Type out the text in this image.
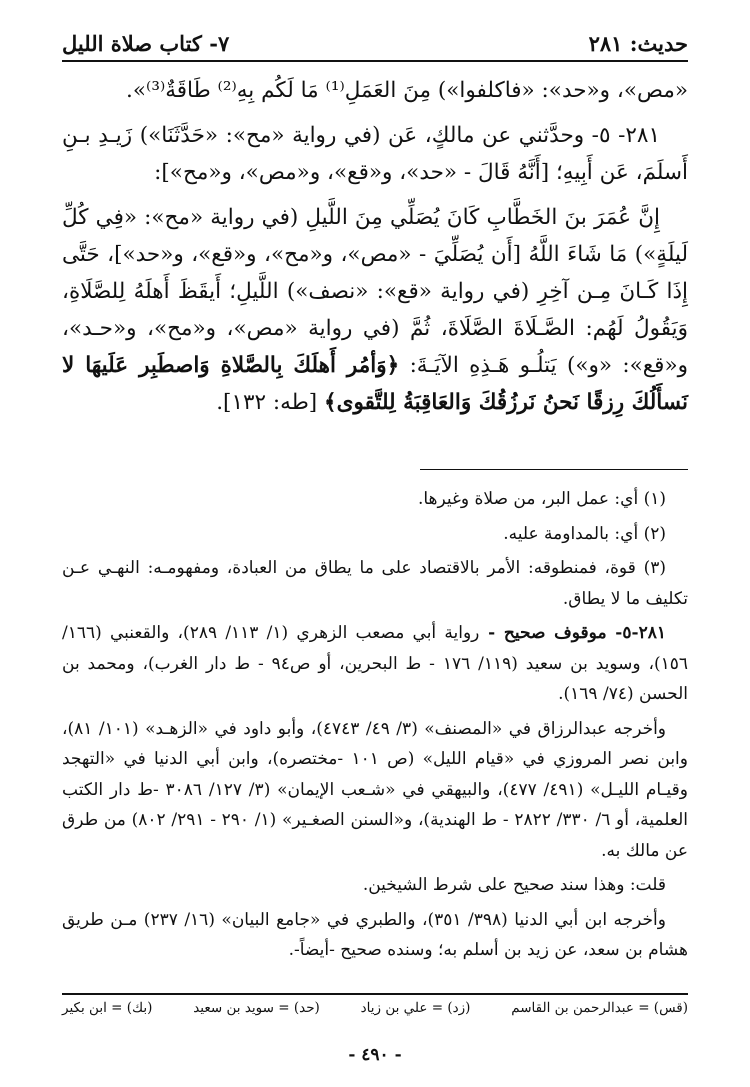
حديث: ٢٨١
٧- كتاب صلاة الليل

«مص»، و«حد»: «فاكلفوا») مِنَ العَمَلِ⁽¹⁾ مَا لَكُم بِهِ⁽²⁾ طَاقَةٌ⁽³⁾».

٢٨١- ٥- وحدَّثني عن مالكٍ، عَن (في رواية «مح»: «حَدَّثَنَا») زَيـدِ بـنِ أَسلَمَ، عَن أَبِيهِ؛ [أَنَّهُ قَالَ - «حد»، و«قع»، و«مص»، و«مح»]:

إِنَّ عُمَرَ بنَ الخَطَّابِ كَانَ يُصَلِّي مِنَ اللَّيلِ (في رواية «مح»: «فِي كُلِّ لَيلَةٍ») مَا شَاءَ اللَّهُ [أَن يُصَلِّيَ - «مص»، و«مح»، و«قع»، و«حد»]، حَتَّى إِذَا كَـانَ مِـن آخِرِ (في رواية «قع»: «نصف») اللَّيلِ؛ أَيقَظَ أَهلَهُ لِلصَّلَاةِ، وَيَقُولُ لَهُم: الصَّـلَاةَ الصَّلَاةَ، ثُمَّ (في رواية «مص»، و«مح»، و«حـد»، و«قع»: «و») يَتلُـو هَـذِهِ الآيَـةَ: ﴿وَأمُر أَهلَكَ بِالصَّلاةِ وَاصطَبِر عَلَيهَا لا نَسأَلُكَ رِزقًا نَحنُ نَرزُقُكَ وَالعَاقِبَةُ لِلتَّقوى﴾ [طه: ١٣٢].

(١) أي: عمل البر، من صلاة وغيرها.

(٢) أي: بالمداومة عليه.

(٣) قوة، فمنطوقه: الأمر بالاقتصاد على ما يطاق من العبادة، ومفهومـه: النهـي عـن تكليف ما لا يطاق.

٢٨١-٥- موقوف صحيح - رواية أبي مصعب الزهري (١/ ١١٣/ ٢٨٩)، والقعنبي (١٦٦/ ١٥٦)، وسويد بن سعيد (١١٩/ ١٧٦ - ط البحرين، أو ص٩٤ - ط دار الغرب)، ومحمد بن الحسن (٧٤/ ١٦٩).

وأخرجه عبدالرزاق في «المصنف» (٣/ ٤٩/ ٤٧٤٣)، وأبو داود في «الزهـد» (١٠١/ ٨١)، وابن نصر المروزي في «قيام الليل» (ص ١٠١ -مختصره)، وابن أبي الدنيا في «التهجد وقيـام الليـل» (٤٩١/ ٤٧٧)، والبيهقي في «شـعب الإيمان» (٣/ ١٢٧/ ٣٠٨٦ -ط دار الكتب العلمية، أو ٦/ ٣٣٠/ ٢٨٢٢ - ط الهندية)، و«السنن الصغـير» (١/ ٢٩٠ - ٢٩١/ ٨٠٢) من طرق عن مالك به.

قلت: وهذا سند صحيح على شرط الشيخين.

وأخرجه ابن أبي الدنيا (٣٩٨/ ٣٥١)، والطبري في «جامع البيان» (١٦/ ٢٣٧) مـن طريق هشام بن سعد، عن زيد بن أسلم به؛ وسنده صحيح -أيضاً-.

(قس) = عبدالرحمن بن القاسم
(زد) = علي بن زياد
(حد) = سويد بن سعيد
(بك) = ابن بكير
- ٤٩٠ -
